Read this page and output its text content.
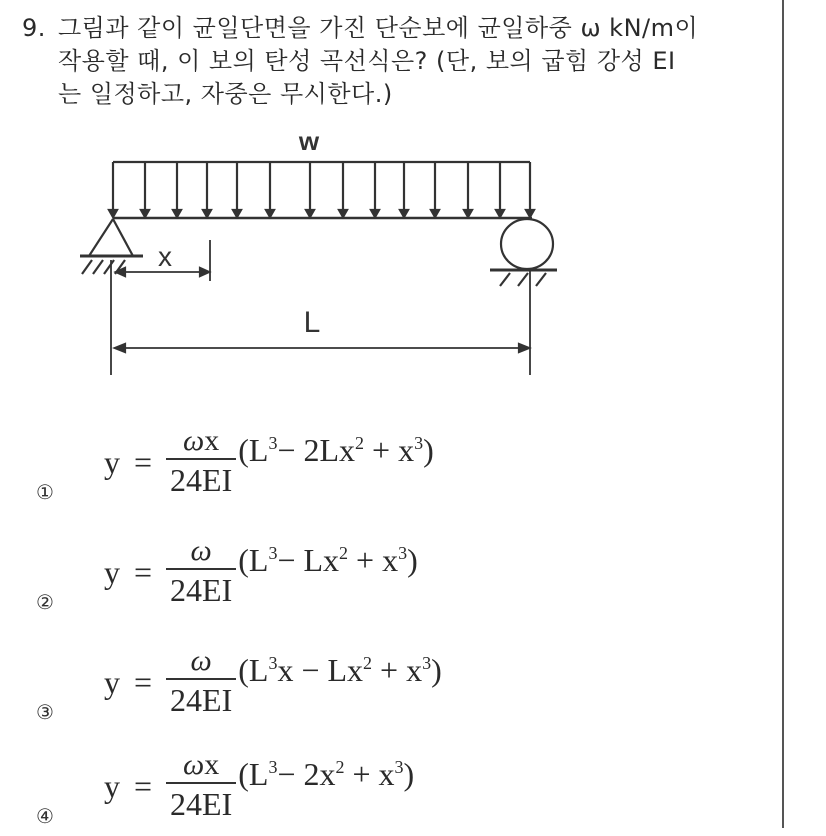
9. 그림과 같이 균일단면을 가진 단순보에 균일하중 ω kN/m이
작용할 때, 이 보의 탄성 곡선식은? (단, 보의 굽힘 강성 EI
는 일정하고, 자중은 무시한다.)
w
x
L
①
$y = \frac{\omega x}{24EI} (L^3- 2Lx^2 + x^3)$
②
$y = \frac{\omega}{24EI} (L^3- Lx^2 + x^3)$
③
$y = \frac{\omega}{24EI} (L^3x - Lx^2 + x^3)$
④
$y = \frac{\omega x}{24EI} (L^3- 2x^2 + x^3)$
